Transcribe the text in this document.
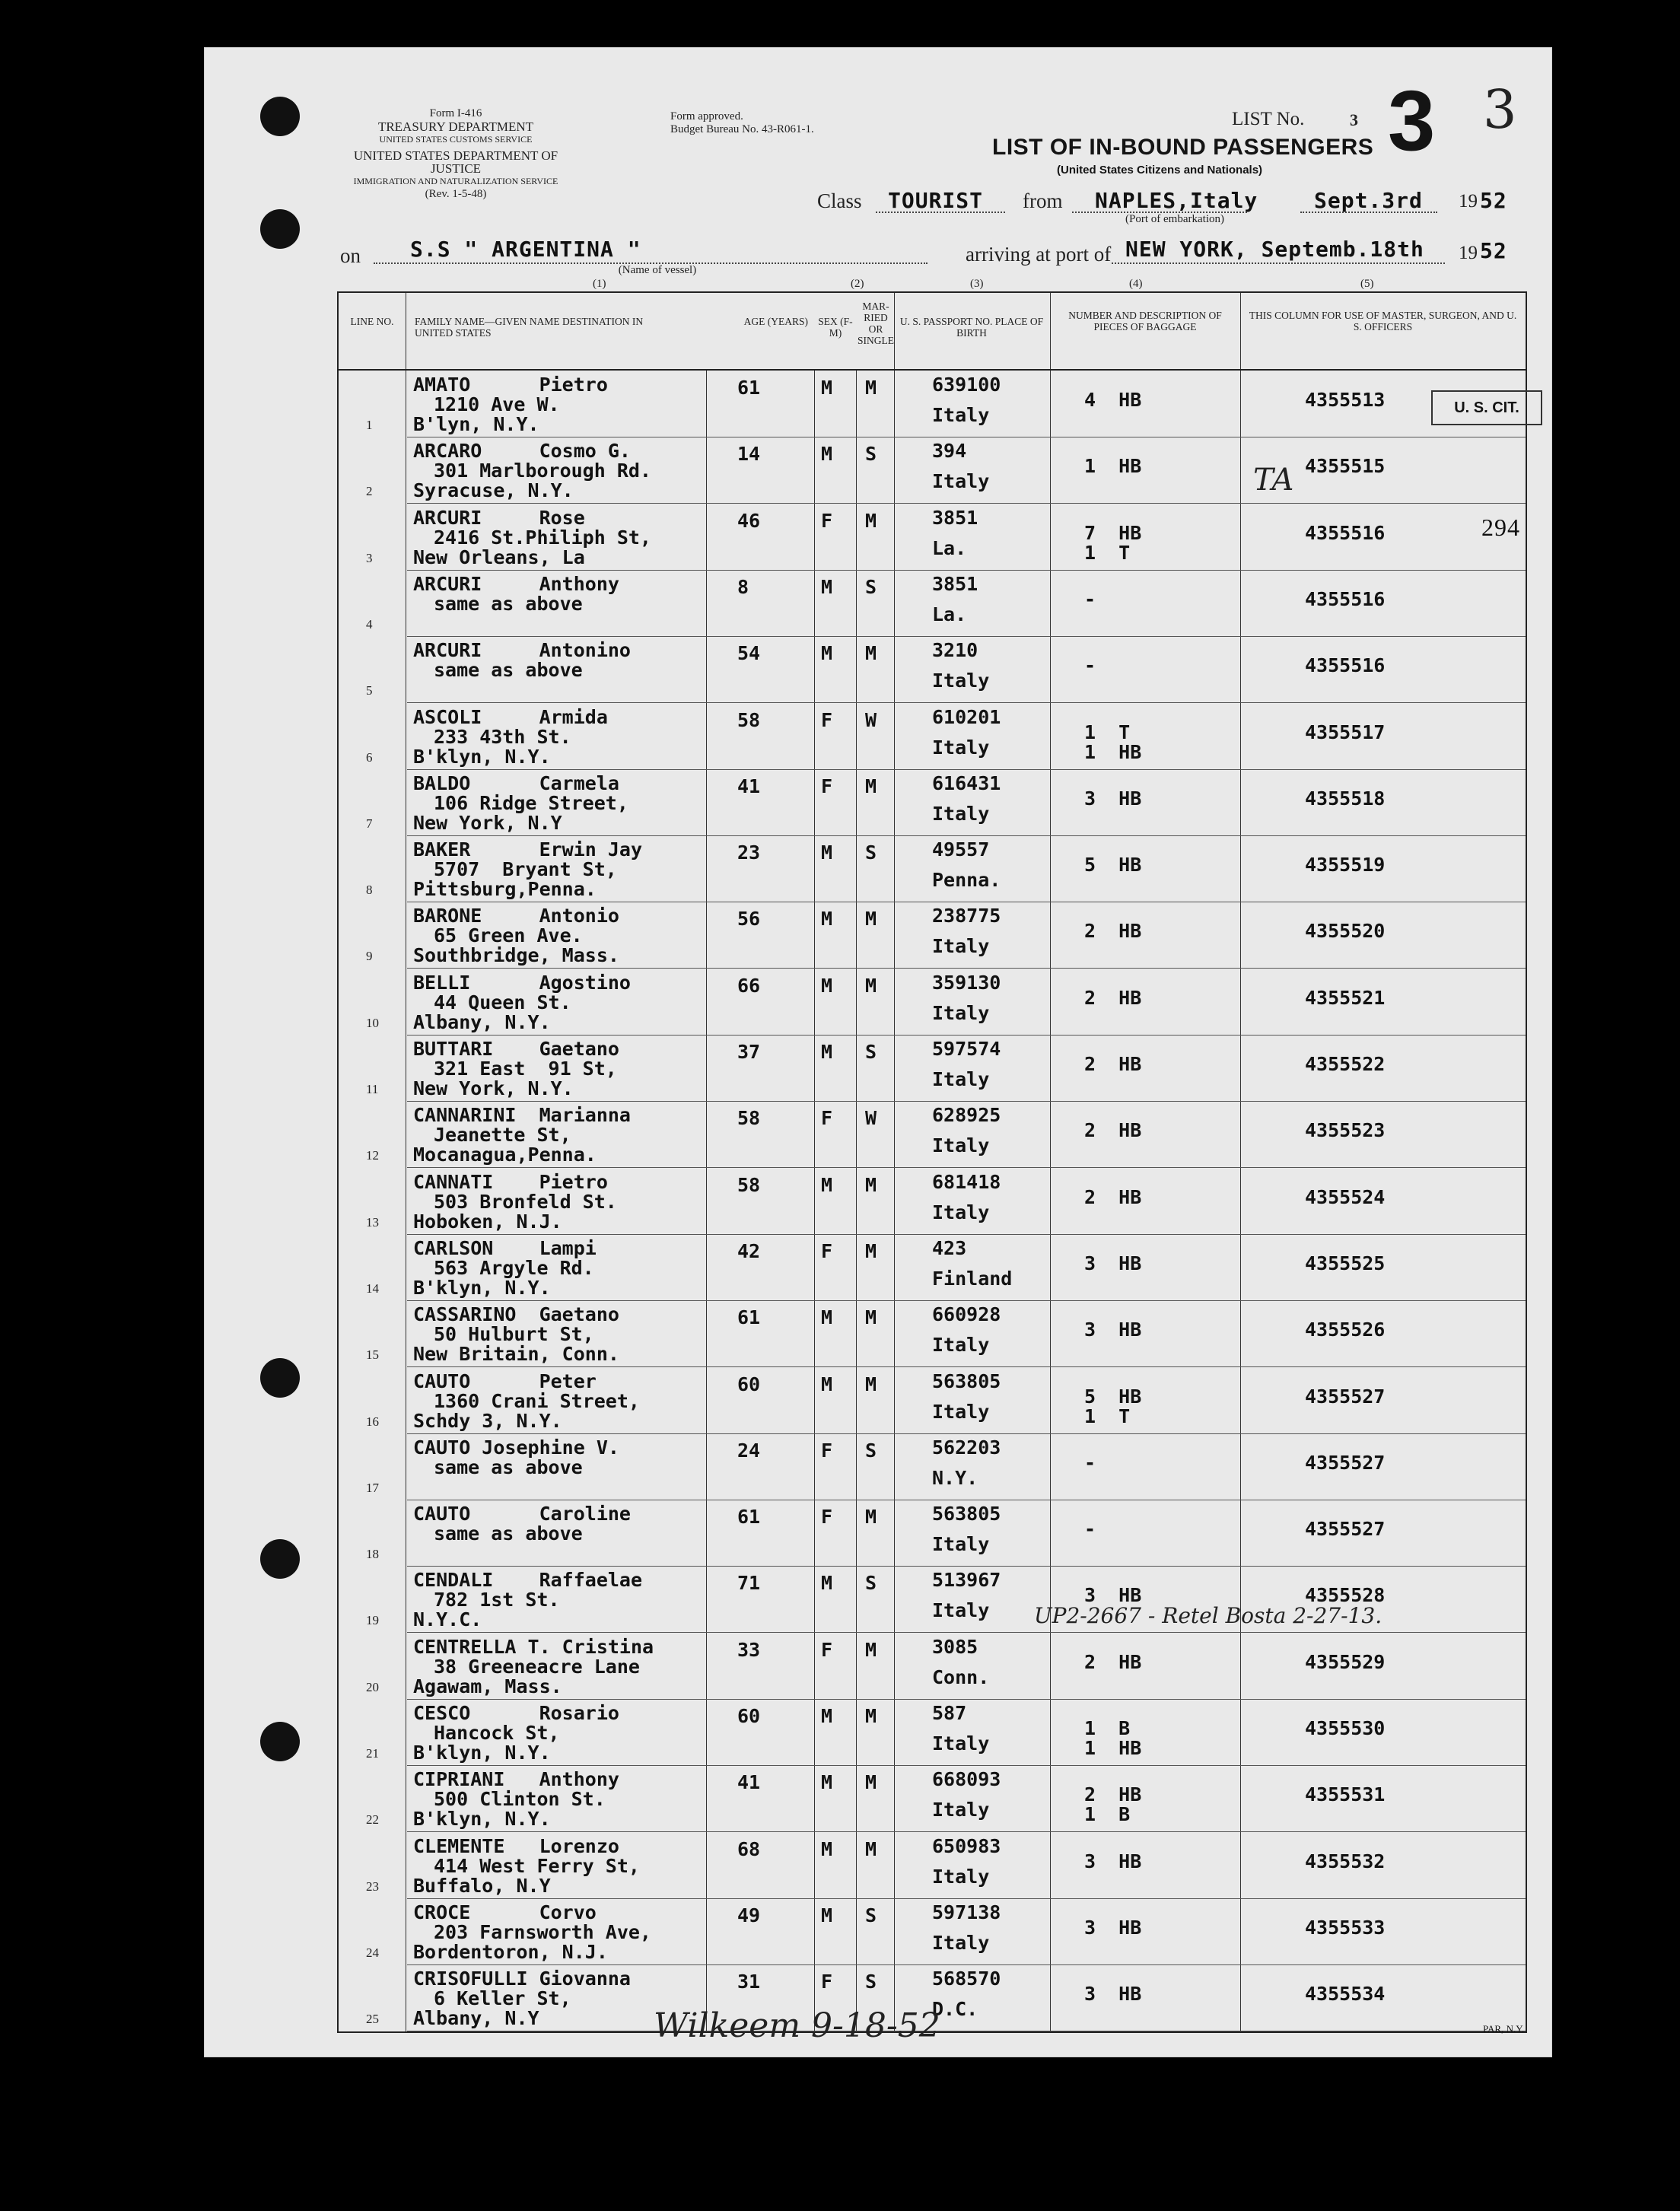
Form I-416
TREASURY DEPARTMENT
UNITED STATES CUSTOMS SERVICE
UNITED STATES DEPARTMENT OF JUSTICE
IMMIGRATION AND NATURALIZATION SERVICE
(Rev. 1-5-48)
Form approved.
Budget Bureau No. 43-R061-1.	LIST No.	3 3 3
LIST OF IN-BOUND PASSENGERS
(United States Citizens and Nationals)
Class TOURIST from NAPLES,Italy
(Port of embarkation)
Sept.3rd 19 52
on S.S " ARGENTINA "
(Name of vessel)
arriving at port of NEW YORK, Septemb.18th 19 52
(1)	(2)	(3)	(4)	(5)
LINE NO.	FAMILY NAME—GIVEN NAME DESTINATION IN UNITED STATES
AGE (YEARS) SEX (F-M)
MAR-RIED OR SINGLE
U. S. PASSPORT NO. PLACE OF BIRTH
NUMBER AND DESCRIPTION OF PIECES OF BAGGAGE
THIS COLUMN FOR USE OF MASTER, SURGEON, AND U. S. OFFICERS
1
AMATO      Pietro
1210 Ave W.
B'lyn, N.Y.
61	M M	639100
Italy
4  HB	4355513
2
ARCARO     Cosmo G.
301 Marlborough Rd.
Syracuse, N.Y.
14	M S	394
Italy
1  HB	4355515
3
ARCURI     Rose
2416 St.Philiph St,
New Orleans, La
46	F M	3851
La.
7  HB
1  T
4355516
4
ARCURI     Anthony
same as above
8	M S	3851
La.
-	4355516
5
ARCURI     Antonino
same as above
54	M M	3210
Italy
-	4355516
6
ASCOLI     Armida
233 43th St.
B'klyn, N.Y.
58	F W	610201
Italy
1  T
1  HB
4355517
7
BALDO      Carmela
106 Ridge Street,
New York, N.Y
41	F M	616431
Italy
3  HB	4355518
8
BAKER      Erwin Jay
5707  Bryant St,
Pittsburg,Penna.
23	M S	49557
Penna.
5  HB	4355519
9
BARONE     Antonio
65 Green Ave.
Southbridge, Mass.
56	M M	238775
Italy
2  HB	4355520
10
BELLI      Agostino
44 Queen St.
Albany, N.Y.
66	M M	359130
Italy
2  HB	4355521
11
BUTTARI    Gaetano
321 East  91 St,
New York, N.Y.
37	M S	597574
Italy
2  HB	4355522
12
CANNARINI  Marianna
Jeanette St,
Mocanagua,Penna.
58	F W	628925
Italy
2  HB	4355523
13
CANNATI    Pietro
503 Bronfeld St.
Hoboken, N.J.
58	M M	681418
Italy
2  HB	4355524
14
CARLSON    Lampi
563 Argyle Rd.
B'klyn, N.Y.
42	F M	423
Finland
3  HB	4355525
15
CASSARINO  Gaetano
50 Hulburt St,
New Britain, Conn.
61	M M	660928
Italy
3  HB	4355526
16
CAUTO      Peter
1360 Crani Street,
Schdy 3, N.Y.
60	M M	563805
Italy
5  HB
1  T
4355527
17
CAUTO Josephine V.
same as above
24	F S	562203
N.Y.
-	4355527
18
CAUTO      Caroline
same as above
61	F M	563805
Italy
-	4355527
19
CENDALI    Raffaelae
782 1st St.
N.Y.C.
71	M S	513967
Italy
3  HB	4355528
20
CENTRELLA T. Cristina
38 Greeneacre Lane
Agawam, Mass.
33	F M	3085
Conn.
2  HB	4355529
21
CESCO      Rosario
Hancock St,
B'klyn, N.Y.
60	M M	587
Italy
1  B
1  HB
4355530
22
CIPRIANI   Anthony
500 Clinton St.
B'klyn, N.Y.
41	M M	668093
Italy
2  HB
1  B
4355531
23
CLEMENTE   Lorenzo
414 West Ferry St,
Buffalo, N.Y
68	M M	650983
Italy
3  HB	4355532
24
CROCE      Corvo
203 Farnsworth Ave,
Bordentoron, N.J.
49	M S	597138
Italy
3  HB	4355533
25
CRISOFULLI Giovanna
6 Keller St,
Albany, N.Y
31	F S	568570
D.C.
3  HB	4355534
U. S. CIT.
294
TA
UP2-2667 - Retel Bosta 2-27-13.
Wilkeem 9-18-52	PAR, N.Y.
